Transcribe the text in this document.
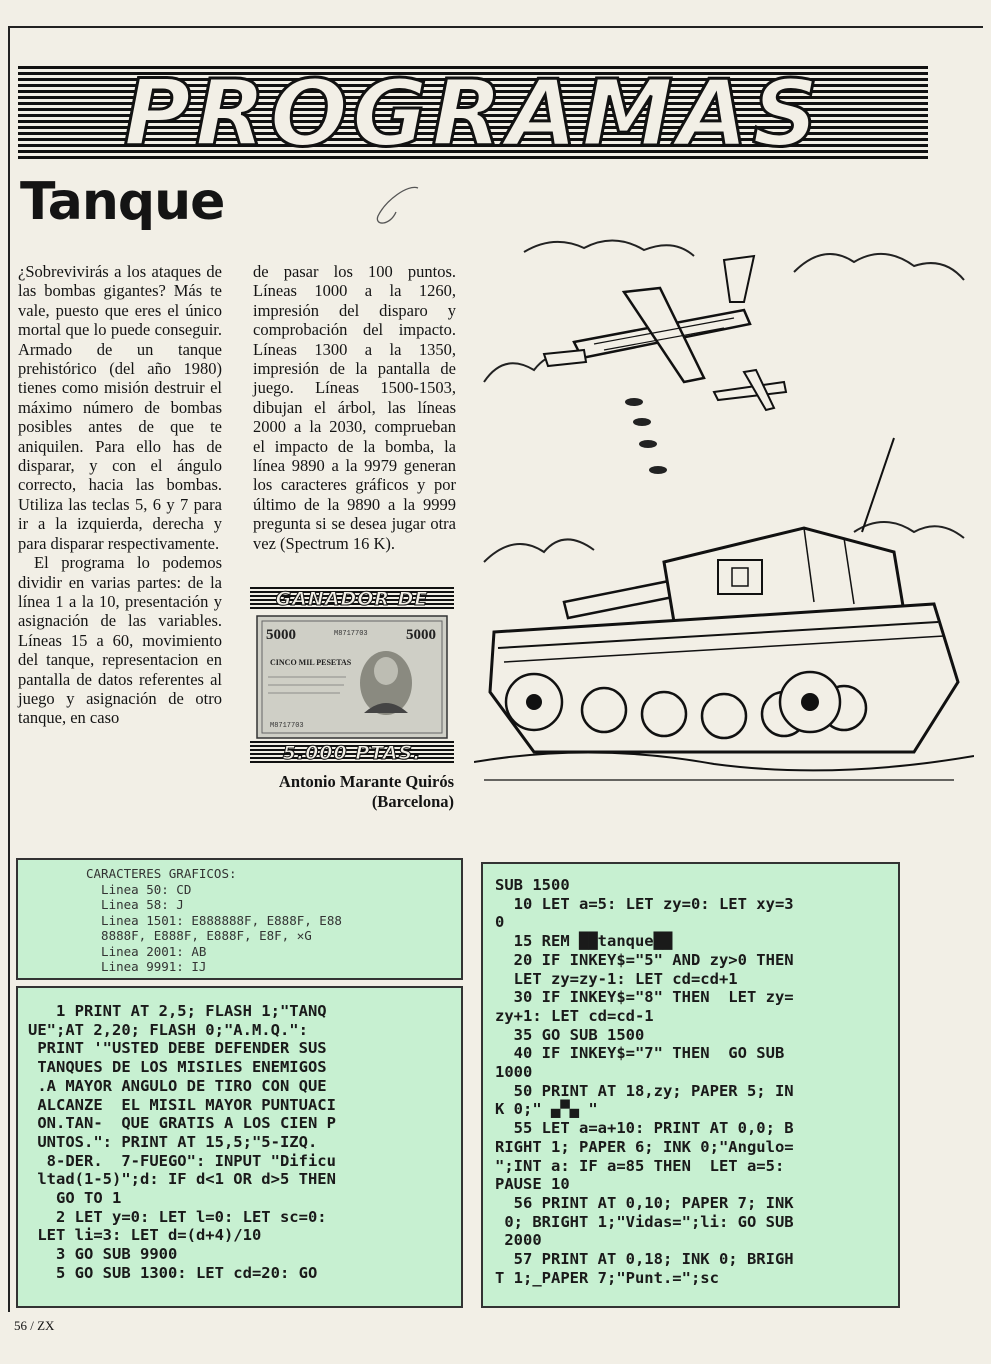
PROGRAMAS
Tanque

¿Sobrevivirás a los ataques de las bombas gigantes? Más te vale, puesto que eres el único mortal que lo puede conseguir. Armado de un tanque prehistórico (del año 1980) tienes como misión destruir el máximo número de bombas posibles antes de que te aniquilen. Para ello has de disparar, y con el ángulo correcto, hacia las bombas. Utiliza las teclas 5, 6 y 7 para ir a la izquierda, derecha y para disparar respectivamente.

El programa lo podemos dividir en varias partes: de la línea 1 a la 10, presentación y asignación de las variables. Líneas 15 a 60, movimiento del tanque, representacion en pantalla de datos referentes al juego y asignación de otro tanque, en caso

de pasar los 100 puntos. Líneas 1000 a la 1260, impresión del disparo y comprobación del impacto. Líneas 1300 a la 1350, impresión de la pantalla de juego. Líneas 1500-1503, dibujan el árbol, las líneas 2000 a la 2030, comprueban el impacto de la bomba, la línea 9890 a la 9979 generan los caracteres gráficos y por último de la 9890 a la 9999 pregunta si se desea jugar otra vez (Spectrum 16 K).

GANADOR DE
5000	5000
M8717703
CINCO MIL PESETAS
M8717703
5.000 PTAS.
Antonio Marante Quirós
(Barcelona)
CARACTERES GRAFICOS:
Linea 50: CD
Linea 58: J
Linea 1501: E888888F, E888F, E88
8888F, E888F, E888F, E8F, ✕G
Linea 2001: AB
Linea 9991: IJ
1 PRINT AT 2,5; FLASH 1;"TANQ
UE";AT 2,20; FLASH 0;"A.M.Q.":
PRINT '"USTED DEBE DEFENDER SUS
TANQUES DE LOS MISILES ENEMIGOS
.A MAYOR ANGULO DE TIRO CON QUE
ALCANZE  EL MISIL MAYOR PUNTUACI
ON.TAN-  QUE GRATIS A LOS CIEN P
UNTOS.": PRINT AT 15,5;"5-IZQ.
8-DER.  7-FUEGO": INPUT "Dificu
ltad(1-5)";d: IF d<1 OR d>5 THEN
GO TO 1
2 LET y=0: LET l=0: LET sc=0:
LET li=3: LET d=(d+4)/10
3 GO SUB 9900
5 GO SUB 1300: LET cd=20: GO
SUB 1500
10 LET a=5: LET zy=0: LET xy=3
0
15 REM ██tanque██
20 IF INKEY$="5" AND zy>0 THEN
LET zy=zy-1: LET cd=cd+1
30 IF INKEY$="8" THEN  LET zy=
zy+1: LET cd=cd-1
35 GO SUB 1500
40 IF INKEY$="7" THEN  GO SUB
1000
50 PRINT AT 18,zy; PAPER 5; IN
K 0;" ▄▀▄ "
55 LET a=a+10: PRINT AT 0,0; B
RIGHT 1; PAPER 6; INK 0;"Angulo=
";INT a: IF a=85 THEN  LET a=5:
PAUSE 10
56 PRINT AT 0,10; PAPER 7; INK
0; BRIGHT 1;"Vidas=";li: GO SUB
2000
57 PRINT AT 0,18; INK 0; BRIGH
T 1;_PAPER 7;"Punt.=";sc
56 / ZX
